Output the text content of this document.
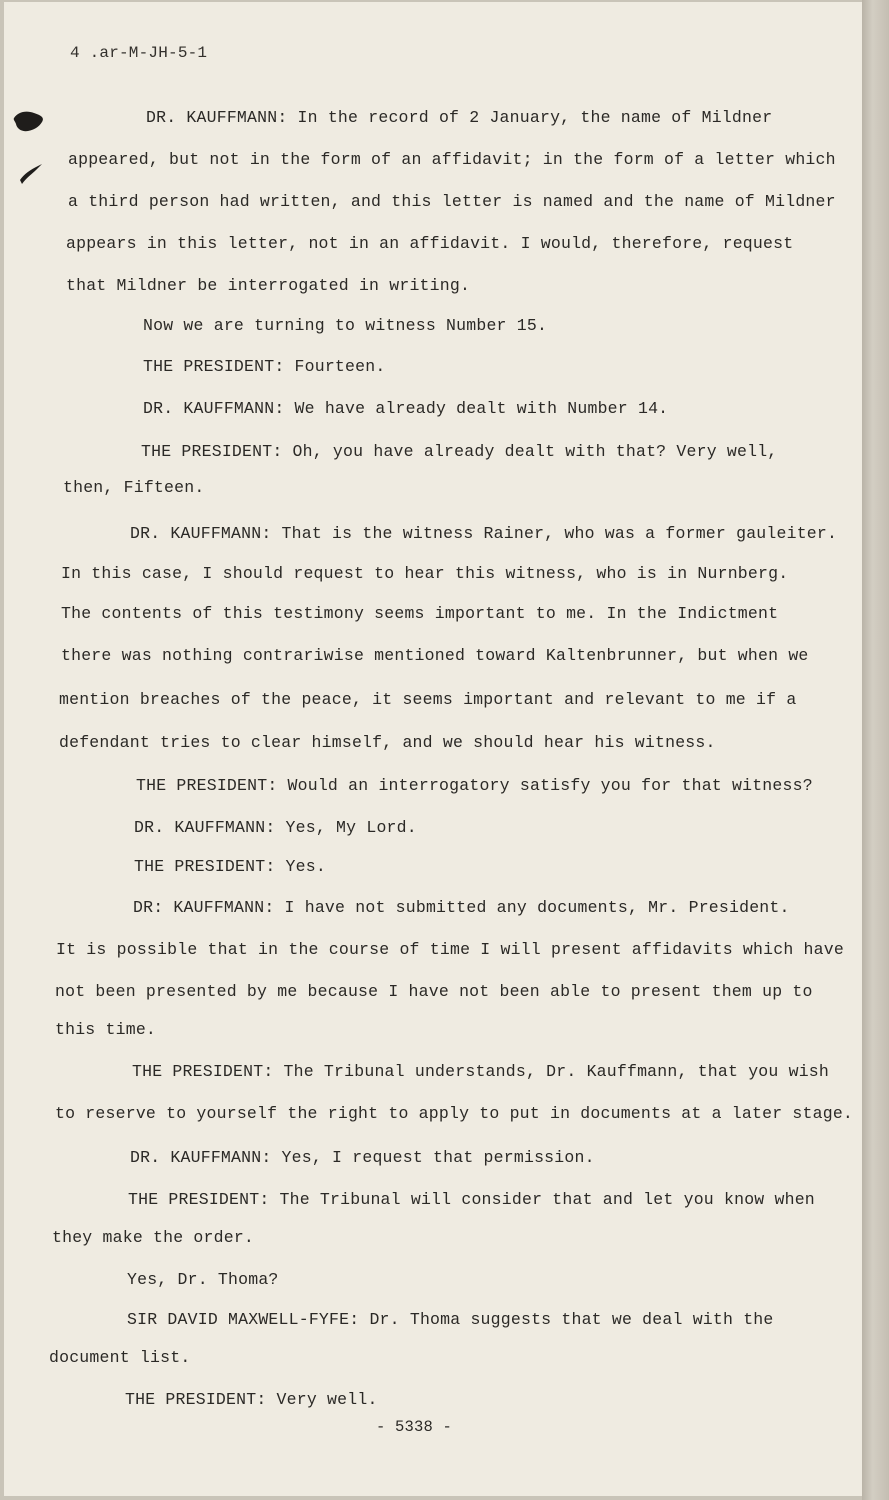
4 .ar-M-JH-5-1
DR. KAUFFMANN: In the record of 2 January, the name of Mildner
appeared, but not in the form of an affidavit; in the form of a letter which
a third person had written, and this letter is named and the name of Mildner
appears in this letter, not in an affidavit. I would, therefore, request
that Mildner be interrogated in writing.
Now we are turning to witness Number 15.
THE PRESIDENT: Fourteen.
DR. KAUFFMANN: We have already dealt with Number 14.
THE PRESIDENT: Oh, you have already dealt with that? Very well,
then, Fifteen.
DR. KAUFFMANN: That is the witness Rainer, who was a former gauleiter.
In this case, I should request to hear this witness, who is in Nurnberg.
The contents of this testimony seems important to me. In the Indictment
there was nothing contrariwise mentioned toward Kaltenbrunner, but when we
mention breaches of the peace, it seems important and relevant to me if a
defendant tries to clear himself, and we should hear his witness.
THE PRESIDENT: Would an interrogatory satisfy you for that witness?
DR. KAUFFMANN: Yes, My Lord.
THE PRESIDENT: Yes.
DR: KAUFFMANN: I have not submitted any documents, Mr. President.
It is possible that in the course of time I will present affidavits which have
not been presented by me because I have not been able to present them up to
this time.
THE PRESIDENT: The Tribunal understands, Dr. Kauffmann, that you wish
to reserve to yourself the right to apply to put in documents at a later stage.
DR. KAUFFMANN: Yes, I request that permission.
THE PRESIDENT: The Tribunal will consider that and let you know when
they make the order.
Yes, Dr. Thoma?
SIR DAVID MAXWELL-FYFE: Dr. Thoma suggests that we deal with the
document list.
THE PRESIDENT: Very well.
- 5338 -
